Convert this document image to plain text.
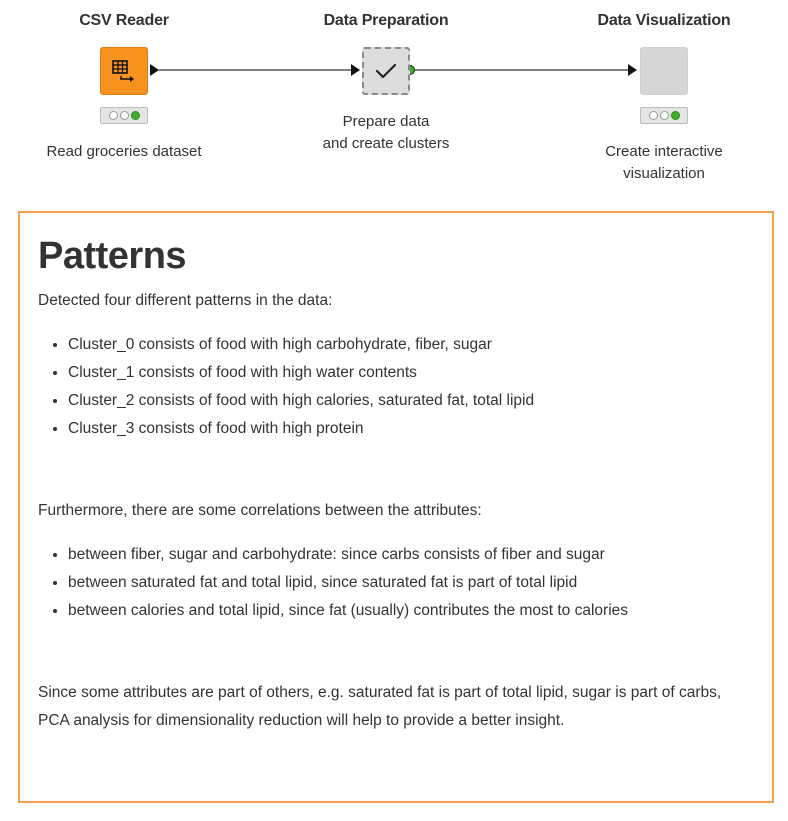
CSV Reader
Read groceries dataset
Data Preparation
Prepare data
and create clusters
Data Visualization
Create interactive
visualization
Patterns

Detected four different patterns in the data:

• Cluster_0 consists of food with high carbohydrate, fiber, sugar
• Cluster_1 consists of food with high water contents
• Cluster_2 consists of food with high calories, saturated fat, total lipid
• Cluster_3 consists of food with high protein

Furthermore, there are some correlations between the attributes:

• between fiber, sugar and carbohydrate: since carbs consists of fiber and sugar
• between saturated fat and total lipid, since saturated fat is part of total lipid
• between calories and total lipid, since fat (usually) contributes the most to calories

Since some attributes are part of others, e.g. saturated fat is part of total lipid, sugar is part of carbs, PCA analysis for dimensionality reduction will help to provide a better insight.
